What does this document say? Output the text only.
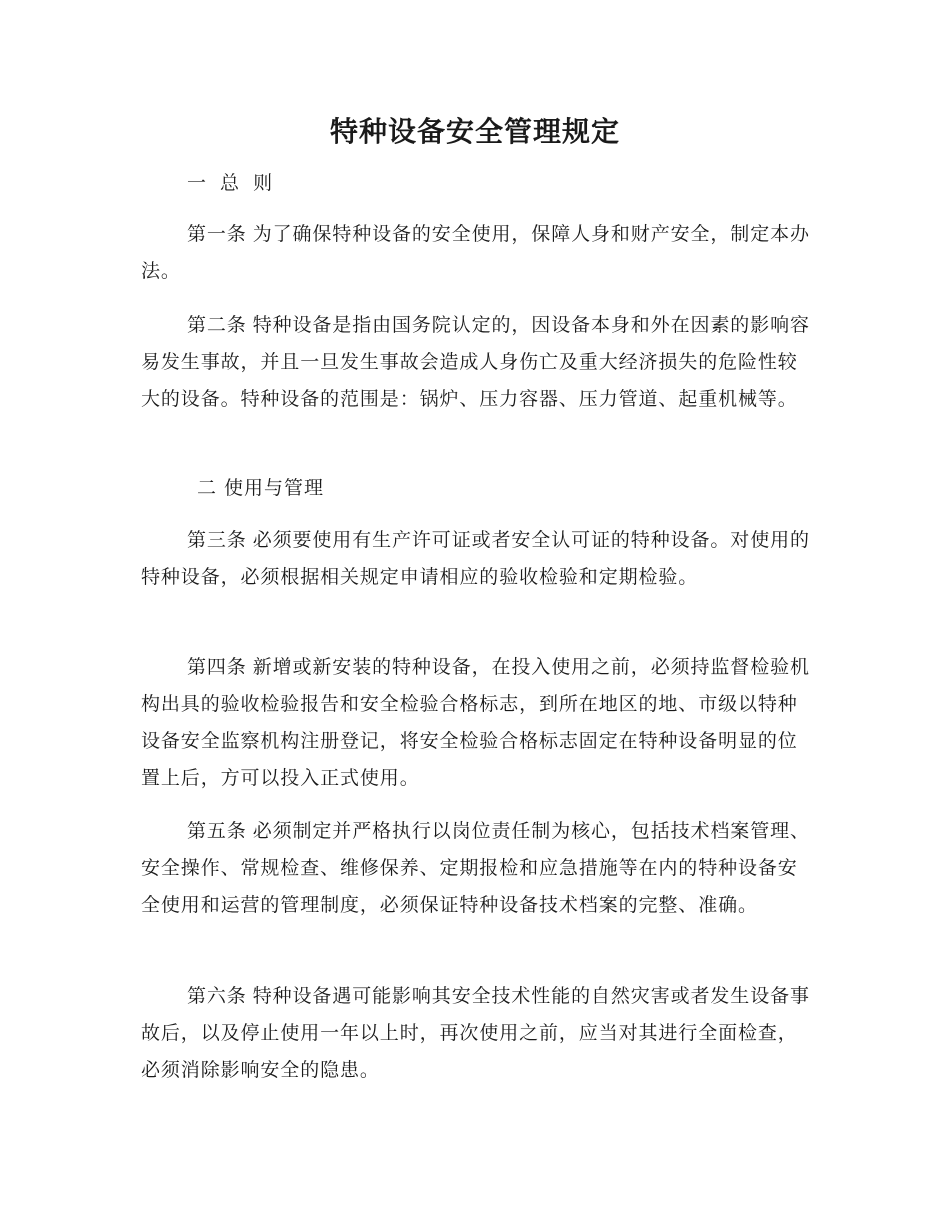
特种设备安全管理规定

一 总 则

第一条 为了确保特种设备的安全使用，保障人身和财产安全，制定本办法。

第二条 特种设备是指由国务院认定的，因设备本身和外在因素的影响容易发生事故，并且一旦发生事故会造成人身伤亡及重大经济损失的危险性较大的设备。特种设备的范围是：锅炉、压力容器、压力管道、起重机械等。

二 使用与管理

第三条 必须要使用有生产许可证或者安全认可证的特种设备。对使用的特种设备，必须根据相关规定申请相应的验收检验和定期检验。

第四条 新增或新安装的特种设备，在投入使用之前，必须持监督检验机构出具的验收检验报告和安全检验合格标志，到所在地区的地、市级以特种设备安全监察机构注册登记，将安全检验合格标志固定在特种设备明显的位置上后，方可以投入正式使用。

第五条 必须制定并严格执行以岗位责任制为核心，包括技术档案管理、安全操作、常规检查、维修保养、定期报检和应急措施等在内的特种设备安全使用和运营的管理制度，必须保证特种设备技术档案的完整、准确。

第六条 特种设备遇可能影响其安全技术性能的自然灾害或者发生设备事故后，以及停止使用一年以上时，再次使用之前，应当对其进行全面检查，必须消除影响安全的隐患。
